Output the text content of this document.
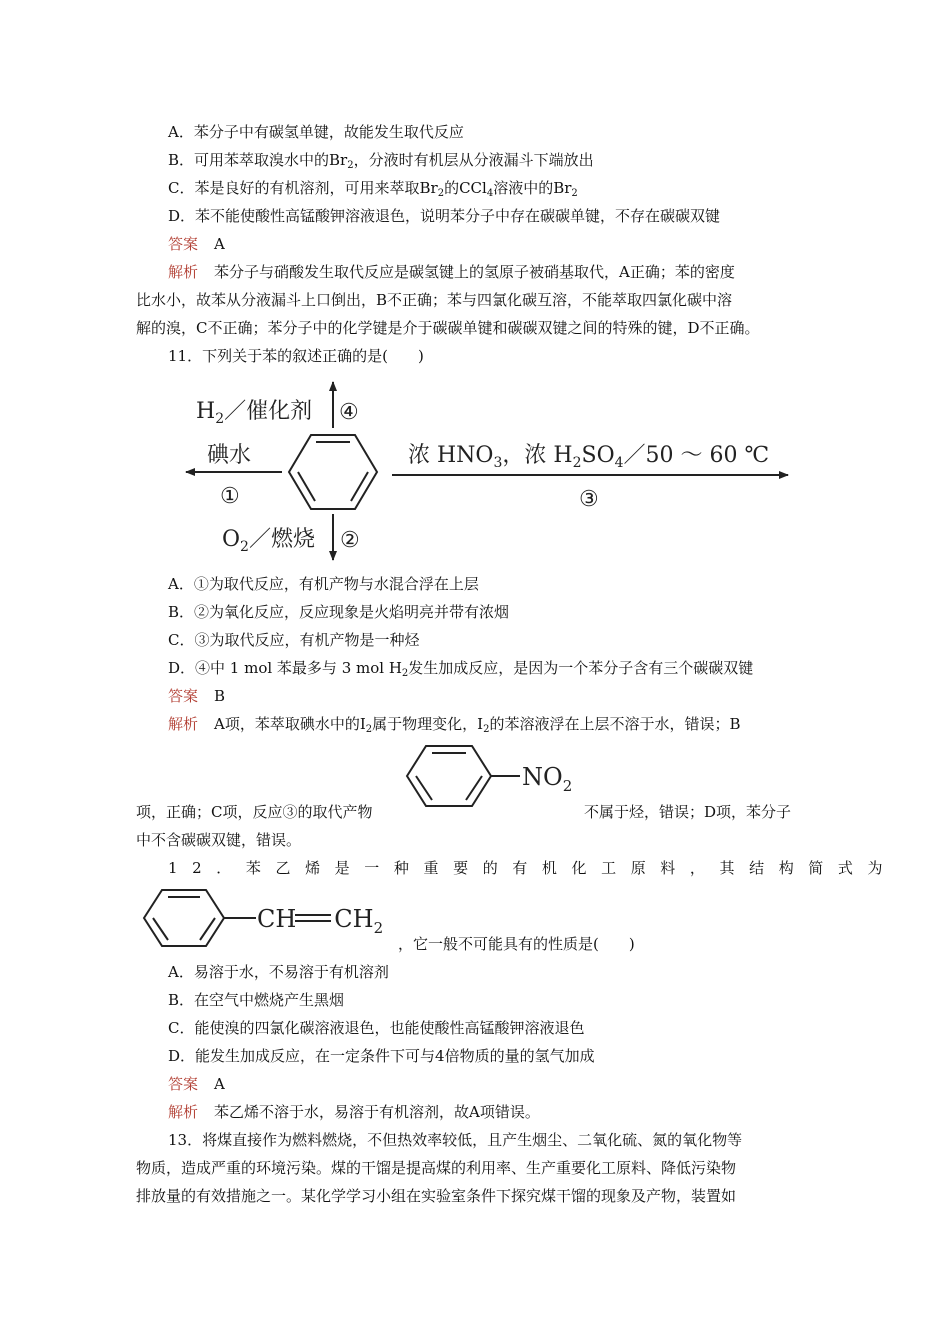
A．苯分子中有碳氢单键，故能发生取代反应
B．可用苯萃取溴水中的$Br_2$，分液时有机层从分液漏斗下端放出
C．苯是良好的有机溶剂，可用来萃取$Br_2$的CCl$_4$溶液中的$Br_2$
D．苯不能使酸性高锰酸钾溶液退色，说明苯分子中存在碳碳单键，不存在碳碳双键
答案 A
解析 苯分子与硝酸发生取代反应是碳氢键上的氢原子被硝基取代，A正确；苯的密度
比水小，故苯从分液漏斗上口倒出，B不正确；苯与四氯化碳互溶，不能萃取四氯化碳中溶
解的溴，C不正确；苯分子中的化学键是介于碳碳单键和碳碳双键之间的特殊的键，D不正确。
11．下列关于苯的叙述正确的是(　　)
$H_2/$催化剂 ④
碘水
①
浓 $HNO_3$，浓 $H_2SO_4/50$ ～ 60 ℃
③
$O_2/$燃烧 ②
A．①为取代反应，有机产物与水混合浮在上层
B．②为氧化反应，反应现象是火焰明亮并带有浓烟
C．③为取代反应，有机产物是一种烃
D．④中 1 mol 苯最多与 3 mol $H_2$发生加成反应，是因为一个苯分子含有三个碳碳双键
答案 B
解析 A项，苯萃取碘水中的$I_2$属于物理变化，$I_2$的苯溶液浮在上层不溶于水，错误；B
$NO_2$
项，正确；C项，反应③的取代产物	不属于烃，错误；D项，苯分子
中不含碳碳双键，错误。
12．苯乙烯是一种重要的有机化工原料，其结构简式为
CH $CH_2$
，它一般不可能具有的性质是(　　)
A．易溶于水，不易溶于有机溶剂
B．在空气中燃烧产生黑烟
C．能使溴的四氯化碳溶液退色，也能使酸性高锰酸钾溶液退色
D．能发生加成反应，在一定条件下可与4倍物质的量的氢气加成
答案 A
解析 苯乙烯不溶于水，易溶于有机溶剂，故A项错误。
13．将煤直接作为燃料燃烧，不但热效率较低，且产生烟尘、二氧化硫、氮的氧化物等
物质，造成严重的环境污染。煤的干馏是提高煤的利用率、生产重要化工原料、降低污染物
排放量的有效措施之一。某化学学习小组在实验室条件下探究煤干馏的现象及产物，装置如
